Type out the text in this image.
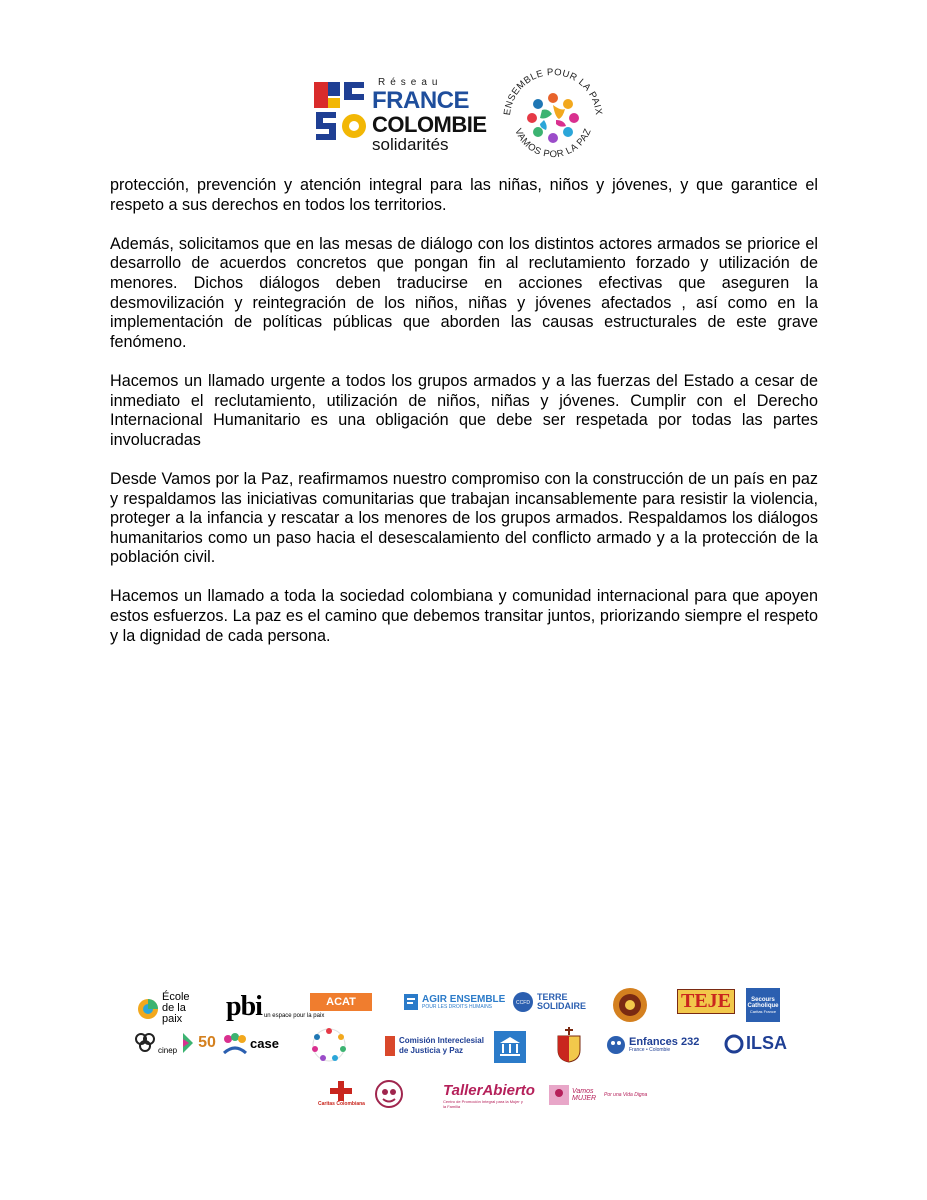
Réseau
FRANCE
COLOMBIE
solidarités
ENSEMBLE POUR LA PAIX
VAMOS POR LA PAZ

protección, prevención y atención integral para las niñas, niños y jóvenes, y que garantice el respeto a sus derechos en todos los territorios.

Además, solicitamos que en las mesas de diálogo con los distintos actores armados se priorice el desarrollo de acuerdos concretos que pongan fin al reclutamiento forzado y utilización de menores. Dichos diálogos deben traducirse en acciones efectivas que aseguren la desmovilización y reintegración de los niños, niñas y jóvenes afectados , así como en la implementación de políticas públicas que aborden las causas estructurales de este grave fenómeno.

Hacemos un llamado urgente a todos los grupos armados y a las fuerzas del Estado a cesar de inmediato el reclutamiento, utilización de niños, niñas y jóvenes. Cumplir con el Derecho Internacional Humanitario es una obligación que debe ser respetada por todas las partes involucradas

Desde Vamos por la Paz, reafirmamos nuestro compromiso con la construcción de un país en paz y respaldamos las iniciativas comunitarias que trabajan incansablemente para resistir la violencia, proteger a la infancia y rescatar a los menores de los grupos armados. Respaldamos los diálogos humanitarios como un paso hacia el desescalamiento del conflicto armado y a la protección de la población civil.

Hacemos un llamado a toda la sociedad colombiana y comunidad internacional para que apoyen estos esfuerzos. La paz es el camino que debemos transitar juntos, priorizando siempre el respeto y la dignidad de cada persona.

École de la paix	pbi un espace pour la paix
ACAT	AGIR ENSEMBLE
POUR LES DROITS HUMAINS
CCFD
TERRE SOLIDAIRE	TEJE	Secours Catholique
Caritas France
cinep 50	case	Comisión Intereclesial de Justicia y Paz
Enfances 232
France • Colombie	ILSA
Caritas Colombiana
TallerAbierto
Centro de Promoción Integral para la Mujer y la Familia
Vamos MUJER	Por una Vida Digna
